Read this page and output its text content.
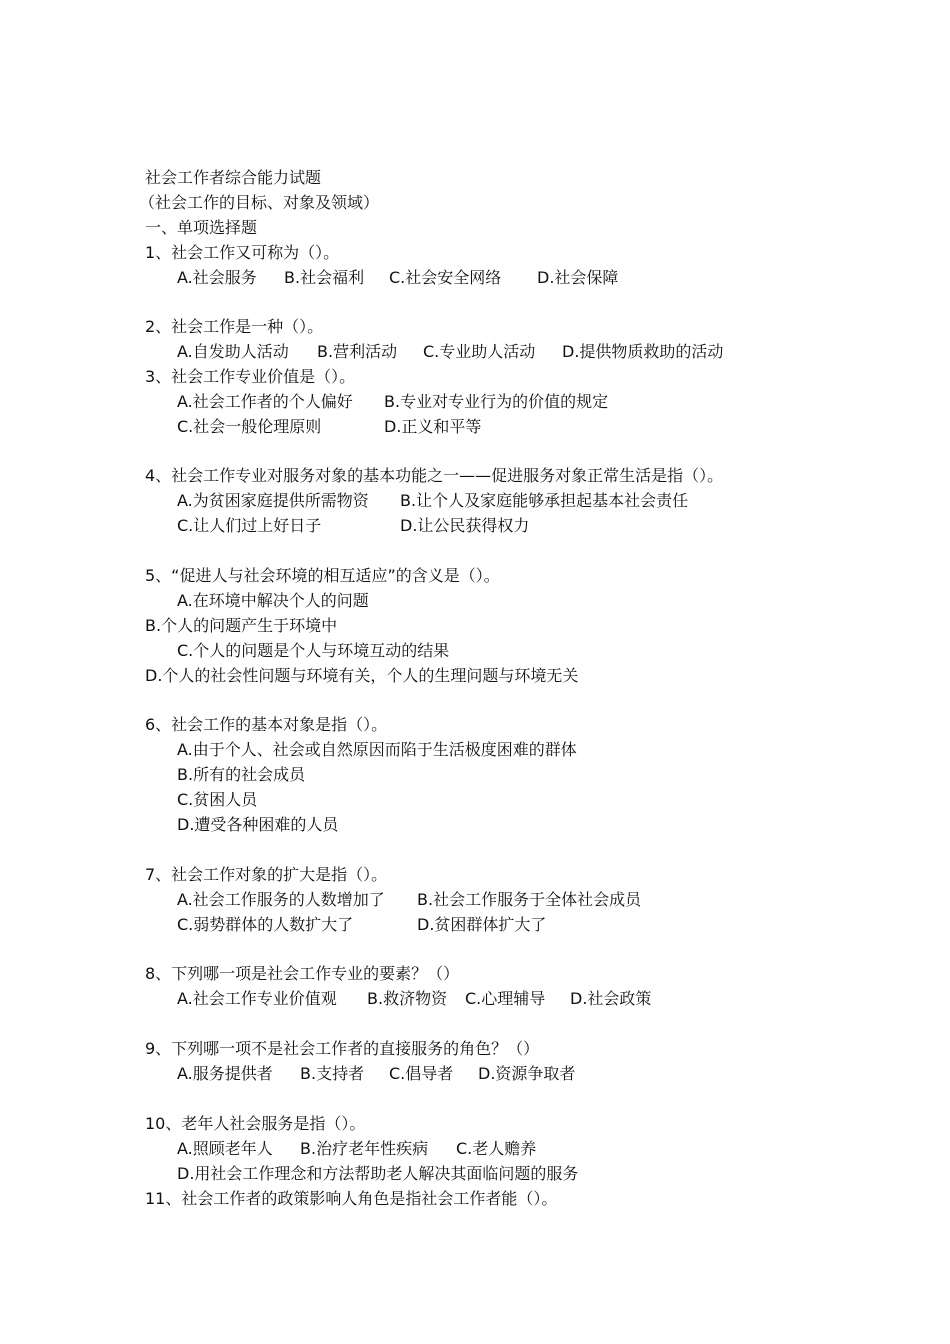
社会工作者综合能力试题
（社会工作的目标、对象及领域）
一、单项选择题
1、社会工作又可称为（）。
A.社会服务 B.社会福利 C.社会安全网络 D.社会保障
2、社会工作是一种（）。
A.自发助人活动 B.营利活动 C.专业助人活动 D.提供物质救助的活动
3、社会工作专业价值是（）。
A.社会工作者的个人偏好 B.专业对专业行为的价值的规定
C.社会一般伦理原则	D.正义和平等
4、社会工作专业对服务对象的基本功能之一——促进服务对象正常生活是指（）。
A.为贫困家庭提供所需物资 B.让个人及家庭能够承担起基本社会责任
C.让人们过上好日子	D.让公民获得权力
5、“促进人与社会环境的相互适应”的含义是（）。
A.在环境中解决个人的问题
B.个人的问题产生于环境中
C.个人的问题是个人与环境互动的结果
D.个人的社会性问题与环境有关，个人的生理问题与环境无关
6、社会工作的基本对象是指（）。
A.由于个人、社会或自然原因而陷于生活极度困难的群体
B.所有的社会成员
C.贫困人员
D.遭受各种困难的人员
7、社会工作对象的扩大是指（）。
A.社会工作服务的人数增加了 B.社会工作服务于全体社会成员
C.弱势群体的人数扩大了	D.贫困群体扩大了
8、下列哪一项是社会工作专业的要素？（）
A.社会工作专业价值观 B.救济物资 C.心理辅导 D.社会政策
9、下列哪一项不是社会工作者的直接服务的角色？（）
A.服务提供者 B.支持者 C.倡导者 D.资源争取者
10、老年人社会服务是指（）。
A.照顾老年人 B.治疗老年性疾病 C.老人赡养
D.用社会工作理念和方法帮助老人解决其面临问题的服务
11、社会工作者的政策影响人角色是指社会工作者能（）。
